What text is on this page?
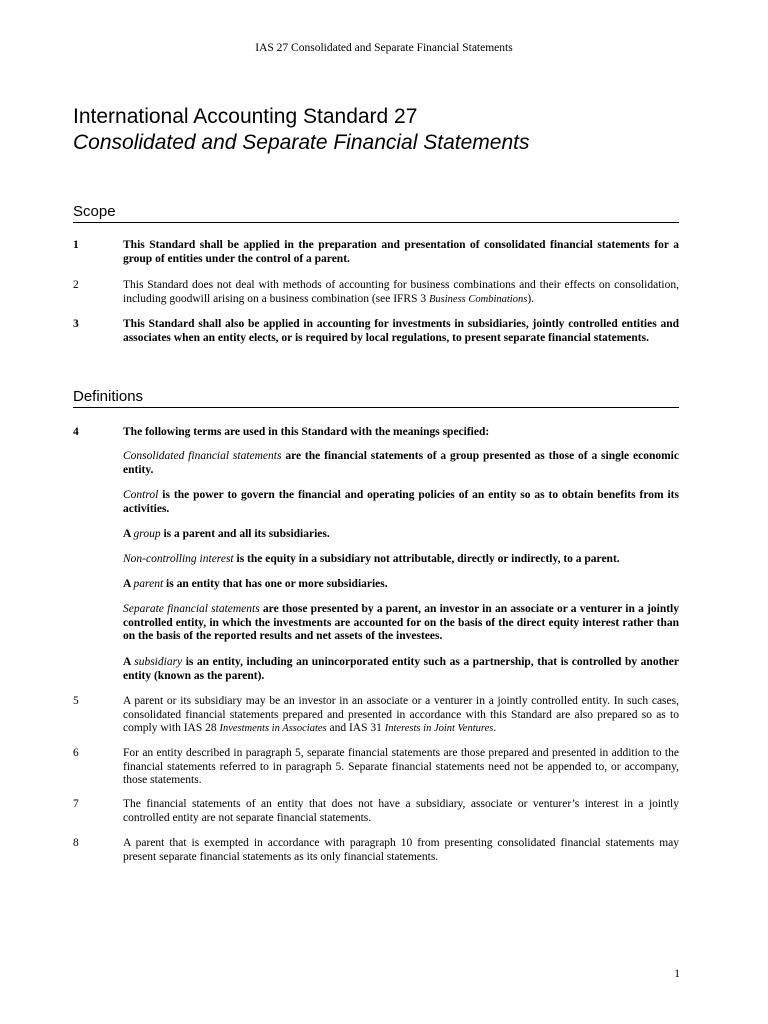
IAS 27 Consolidated and Separate Financial Statements
International Accounting Standard 27
Consolidated and Separate Financial Statements
Scope
1	This Standard shall be applied in the preparation and presentation of consolidated financial statements for a group of entities under the control of a parent.
2	This Standard does not deal with methods of accounting for business combinations and their effects on consolidation, including goodwill arising on a business combination (see IFRS 3 Business Combinations).
3	This Standard shall also be applied in accounting for investments in subsidiaries, jointly controlled entities and associates when an entity elects, or is required by local regulations, to present separate financial statements.
Definitions
4	The following terms are used in this Standard with the meanings specified:
Consolidated financial statements are the financial statements of a group presented as those of a single economic entity.
Control is the power to govern the financial and operating policies of an entity so as to obtain benefits from its activities.
A group is a parent and all its subsidiaries.
Non-controlling interest is the equity in a subsidiary not attributable, directly or indirectly, to a parent.
A parent is an entity that has one or more subsidiaries.
Separate financial statements are those presented by a parent, an investor in an associate or a venturer in a jointly controlled entity, in which the investments are accounted for on the basis of the direct equity interest rather than on the basis of the reported results and net assets of the investees.
A subsidiary is an entity, including an unincorporated entity such as a partnership, that is controlled by another entity (known as the parent).
5	A parent or its subsidiary may be an investor in an associate or a venturer in a jointly controlled entity. In such cases, consolidated financial statements prepared and presented in accordance with this Standard are also prepared so as to comply with IAS 28 Investments in Associates and IAS 31 Interests in Joint Ventures.
6	For an entity described in paragraph 5, separate financial statements are those prepared and presented in addition to the financial statements referred to in paragraph 5. Separate financial statements need not be appended to, or accompany, those statements.
7	The financial statements of an entity that does not have a subsidiary, associate or venturer’s interest in a jointly controlled entity are not separate financial statements.
8	A parent that is exempted in accordance with paragraph 10 from presenting consolidated financial statements may present separate financial statements as its only financial statements.
1
